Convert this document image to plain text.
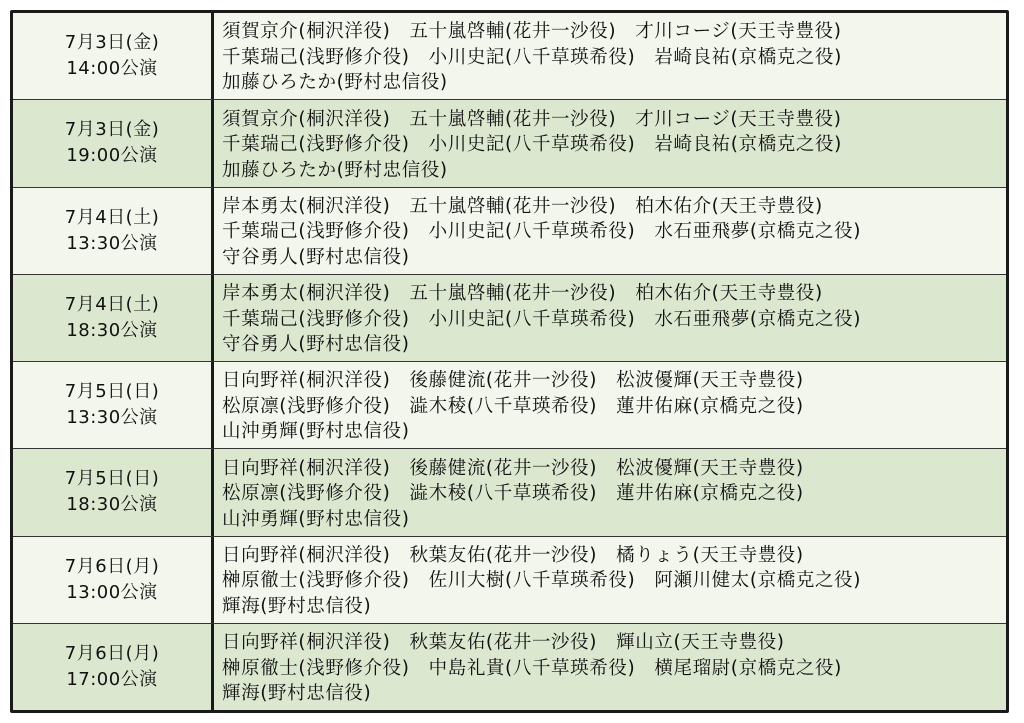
7月3日(金)
14:00公演
須賀京介(桐沢洋役)　五十嵐啓輔(花井一沙役)　才川コージ(天王寺豊役)
千葉瑞己(浅野修介役)　小川史記(八千草瑛希役)　岩崎良祐(京橋克之役)
加藤ひろたか(野村忠信役)
7月3日(金)
19:00公演
須賀京介(桐沢洋役)　五十嵐啓輔(花井一沙役)　才川コージ(天王寺豊役)
千葉瑞己(浅野修介役)　小川史記(八千草瑛希役)　岩崎良祐(京橋克之役)
加藤ひろたか(野村忠信役)
7月4日(土)
13:30公演
岸本勇太(桐沢洋役)　五十嵐啓輔(花井一沙役)　柏木佑介(天王寺豊役)
千葉瑞己(浅野修介役)　小川史記(八千草瑛希役)　水石亜飛夢(京橋克之役)
守谷勇人(野村忠信役)
7月4日(土)
18:30公演
岸本勇太(桐沢洋役)　五十嵐啓輔(花井一沙役)　柏木佑介(天王寺豊役)
千葉瑞己(浅野修介役)　小川史記(八千草瑛希役)　水石亜飛夢(京橋克之役)
守谷勇人(野村忠信役)
7月5日(日)
13:30公演
日向野祥(桐沢洋役)　後藤健流(花井一沙役)　松波優輝(天王寺豊役)
松原凛(浅野修介役)　澁木稜(八千草瑛希役)　蓮井佑麻(京橋克之役)
山沖勇輝(野村忠信役)
7月5日(日)
18:30公演
日向野祥(桐沢洋役)　後藤健流(花井一沙役)　松波優輝(天王寺豊役)
松原凛(浅野修介役)　澁木稜(八千草瑛希役)　蓮井佑麻(京橋克之役)
山沖勇輝(野村忠信役)
7月6日(月)
13:00公演
日向野祥(桐沢洋役)　秋葉友佑(花井一沙役)　橘りょう(天王寺豊役)
榊原徹士(浅野修介役)　佐川大樹(八千草瑛希役)　阿瀬川健太(京橋克之役)
輝海(野村忠信役)
7月6日(月)
17:00公演
日向野祥(桐沢洋役)　秋葉友佑(花井一沙役)　輝山立(天王寺豊役)
榊原徹士(浅野修介役)　中島礼貴(八千草瑛希役)　横尾瑠尉(京橋克之役)
輝海(野村忠信役)
